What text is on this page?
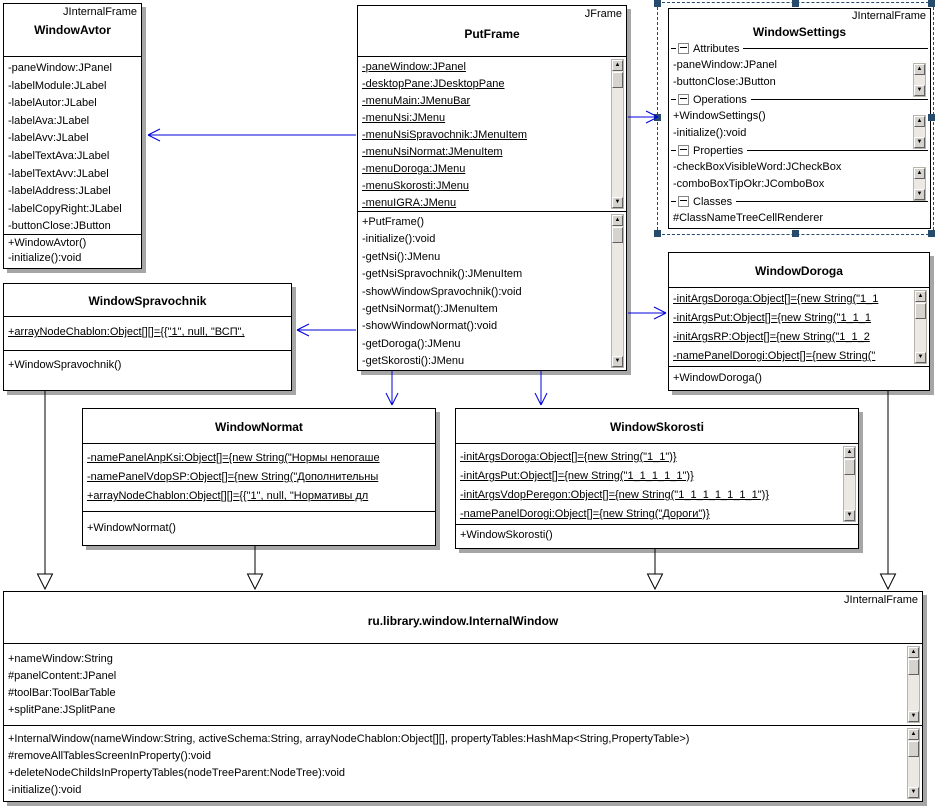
JInternalFrame
WindowAvtor
-paneWindow:JPanel
-labelModule:JLabel
-labelAutor:JLabel
-labelAva:JLabel
-labelAvv:JLabel
-labelTextAva:JLabel
-labelTextAvv:JLabel
-labelAddress:JLabel
-labelCopyRight:JLabel
-buttonClose:JButton
+WindowAvtor()
-initialize():void
JFrame
PutFrame
-paneWindow:JPanel
-desktopPane:JDesktopPane
-menuMain:JMenuBar
-menuNsi:JMenu
-menuNsiSpravochnik:JMenuItem
-menuNsiNormat:JMenuItem
-menuDoroga:JMenu
-menuSkorosti:JMenu
-menuIGRA:JMenu
▲
▼
+PutFrame()
-initialize():void
-getNsi():JMenu
-getNsiSpravochnik():JMenuItem
-showWindowSpravochnik():void
-getNsiNormat():JMenuItem
-showWindowNormat():void
-getDoroga():JMenu
-getSkorosti():JMenu
▲
▼
JInternalFrame
WindowSettings
Attributes
-paneWindow:JPanel
-buttonClose:JButton
Operations
+WindowSettings()
-initialize():void
Properties
-checkBoxVisibleWord:JCheckBox
-comboBoxTipOkr:JComboBox
Classes
#ClassNameTreeCellRenderer
▲
▼
▲
▼
▲
▼
WindowSpravochnik
+arrayNodeChablon:Object[][]={{"1", null, "ВСП",
+WindowSpravochnik()
WindowDoroga
-initArgsDoroga:Object[]={new String("1_1
-initArgsPut:Object[]={new String("1_1_1
-initArgsRP:Object[]={new String("1_1_2
-namePanelDorogi:Object[]={new String("
▲
▼
+WindowDoroga()
WindowNormat
-namePanelAnpKsi:Object[]={new String("Нормы непогаше
-namePanelVdopSP:Object[]={new String("Дополнительны
+arrayNodeChablon:Object[][]={{"1", null, "Нормативы дл
+WindowNormat()
WindowSkorosti
-initArgsDoroga:Object[]={new String("1_1")}
-initArgsPut:Object[]={new String("1_1_1_1_1")}
-initArgsVdopPeregon:Object[]={new String("1_1_1_1_1_1_1")}
-namePanelDorogi:Object[]={new String("Дороги")}
▲
▼
+WindowSkorosti()
JInternalFrame
ru.library.window.InternalWindow
+nameWindow:String
#panelContent:JPanel
#toolBar:ToolBarTable
+splitPane:JSplitPane
▲
▼
+InternalWindow(nameWindow:String, activeSchema:String, arrayNodeChablon:Object[][], propertyTables:HashMap<String,PropertyTable>)
#removeAllTablesScreenInProperty():void
+deleteNodeChildsInPropertyTables(nodeTreeParent:NodeTree):void
-initialize():void
▲
▼
